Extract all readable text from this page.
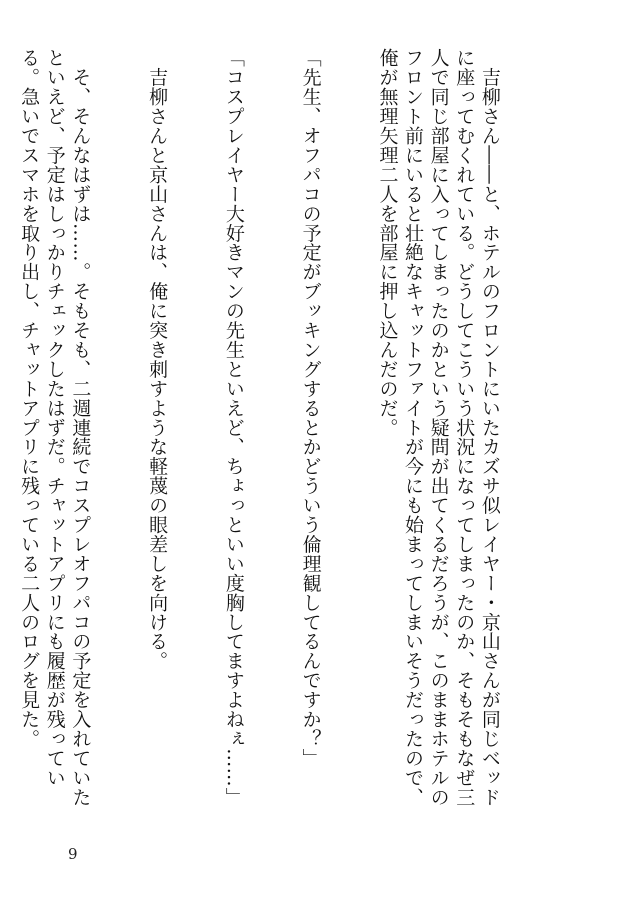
　吉柳さん――と、ホテルのフロントにいたカズサ似レイヤー・京山さんが同じベッドに座ってむくれている。どうしてこういう状況になってしまったのか、そもそもなぜ三人で同じ部屋に入ってしまったのかという疑問が出てくるだろうが、このままホテルのフロント前にいると壮絶なキャットファイトが今にも始まってしまいそうだったので、俺が無理矢理二人を部屋に押し込んだのだ。

「先生、オフパコの予定がブッキングするとかどういう倫理観してるんですか？」

「コスプレイヤー大好きマンの先生といえど、ちょっといい度胸してますよねぇ……」

　吉柳さんと京山さんは、俺に突き刺すような軽蔑の眼差しを向ける。

　そ、そんなはずは……。そもそも、二週連続でコスプレオフパコの予定を入れていたといえど、予定はしっかりチェックしたはずだ。チャットアプリにも履歴が残っている。急いでスマホを取り出し、チャットアプリに残っている二人のログを見た。

9
